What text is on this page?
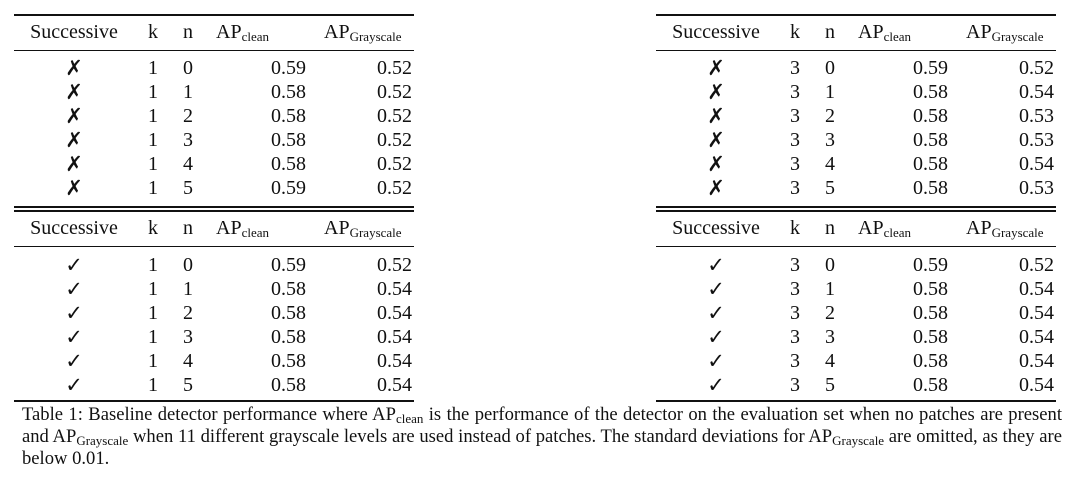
Successive	k	n	$AP_{clean}$	$AP_{Grayscale}$
✗	1	0	0.59	0.52
✗	1	1	0.58	0.52
✗	1	2	0.58	0.52
✗	1	3	0.58	0.52
✗	1	4	0.58	0.52
✗	1	5	0.59	0.52
Successive	k	n	$AP_{clean}$	$AP_{Grayscale}$
✗	3	0	0.59	0.52
✗	3	1	0.58	0.54
✗	3	2	0.58	0.53
✗	3	3	0.58	0.53
✗	3	4	0.58	0.54
✗	3	5	0.58	0.53
Successive	k	n	$AP_{clean}$	$AP_{Grayscale}$
✓	1	0	0.59	0.52
✓	1	1	0.58	0.54
✓	1	2	0.58	0.54
✓	1	3	0.58	0.54
✓	1	4	0.58	0.54
✓	1	5	0.58	0.54
Successive	k	n	$AP_{clean}$	$AP_{Grayscale}$
✓	3	0	0.59	0.52
✓	3	1	0.58	0.54
✓	3	2	0.58	0.54
✓	3	3	0.58	0.54
✓	3	4	0.58	0.54
✓	3	5	0.58	0.54
Table 1: Baseline detector performance where $AP_{clean}$ is the performance of the detector on the evaluation set when no patches are present and $AP_{Grayscale}$ when 11 different grayscale levels are used instead of patches. The standard deviations for $AP_{Grayscale}$ are omitted, as they are below 0.01.
